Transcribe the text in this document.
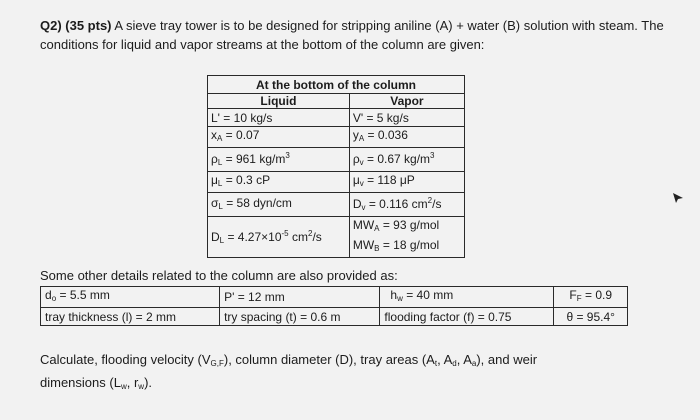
Q2) (35 pts) A sieve tray tower is to be designed for stripping aniline (A) + water (B) solution with steam. The conditions for liquid and vapor streams at the bottom of the column are given:
At the bottom of the column	
Liquid	Vapor
L' = 10 kg/s	V' = 5 kg/s
$x_A = 0.07$	$y_A = 0.036$
$\rho_L = 961$ $kg/m^3$	$\rho_v = 0.67$ $kg/m^3$
$\mu_L = 0.3$ cP	$\mu_v = 118$ μP
$\sigma_L = 58$ dyn/cm	$D_v = 0.116$ $cm^2/s$
$D_L = 4.27\times 10^{-5}$ $cm^2/s$	$MW_A = 93$ g/mol
$MW_B = 18$ g/mol
Some other details related to the column are also provided as:
$d_o = 5.5$ mm	P' = 12 mm	$h_w = 40$ mm	$F_F = 0.9$
tray thickness (l) = 2 mm	try spacing (t) = 0.6 m	flooding factor (f) = 0.75	θ = 95.4°
Calculate, flooding velocity $(V_{G,F})$, column diameter (D), tray areas ($A_t$, $A_d$, $A_a$), and weir dimensions ($L_w$, $r_w$).
